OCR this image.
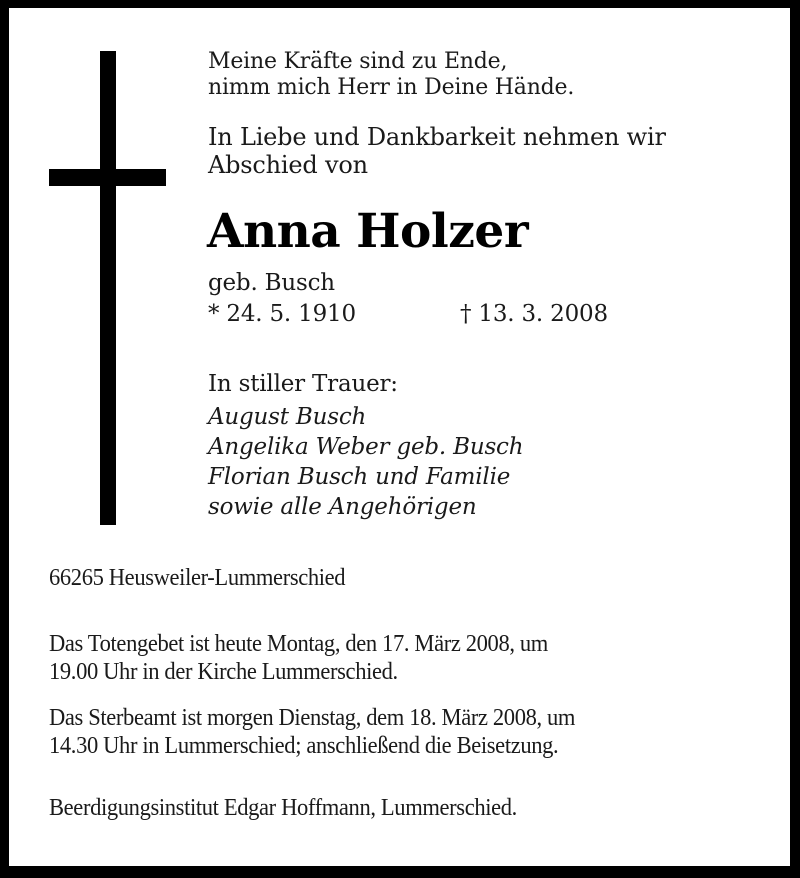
Meine Kräfte sind zu Ende,
nimm mich Herr in Deine Hände.
In Liebe und Dankbarkeit nehmen wir
Abschied von
Anna Holzer
geb. Busch
* 24. 5. 1910	† 13. 3. 2008
In stiller Trauer:
August Busch
Angelika Weber geb. Busch
Florian Busch und Familie
sowie alle Angehörigen
66265 Heusweiler-Lummerschied
Das Totengebet ist heute Montag, den 17. März 2008, um
19.00 Uhr in der Kirche Lummerschied.
Das Sterbeamt ist morgen Dienstag, dem 18. März 2008, um
14.30 Uhr in Lummerschied; anschließend die Beisetzung.
Beerdigungsinstitut Edgar Hoffmann, Lummerschied.
